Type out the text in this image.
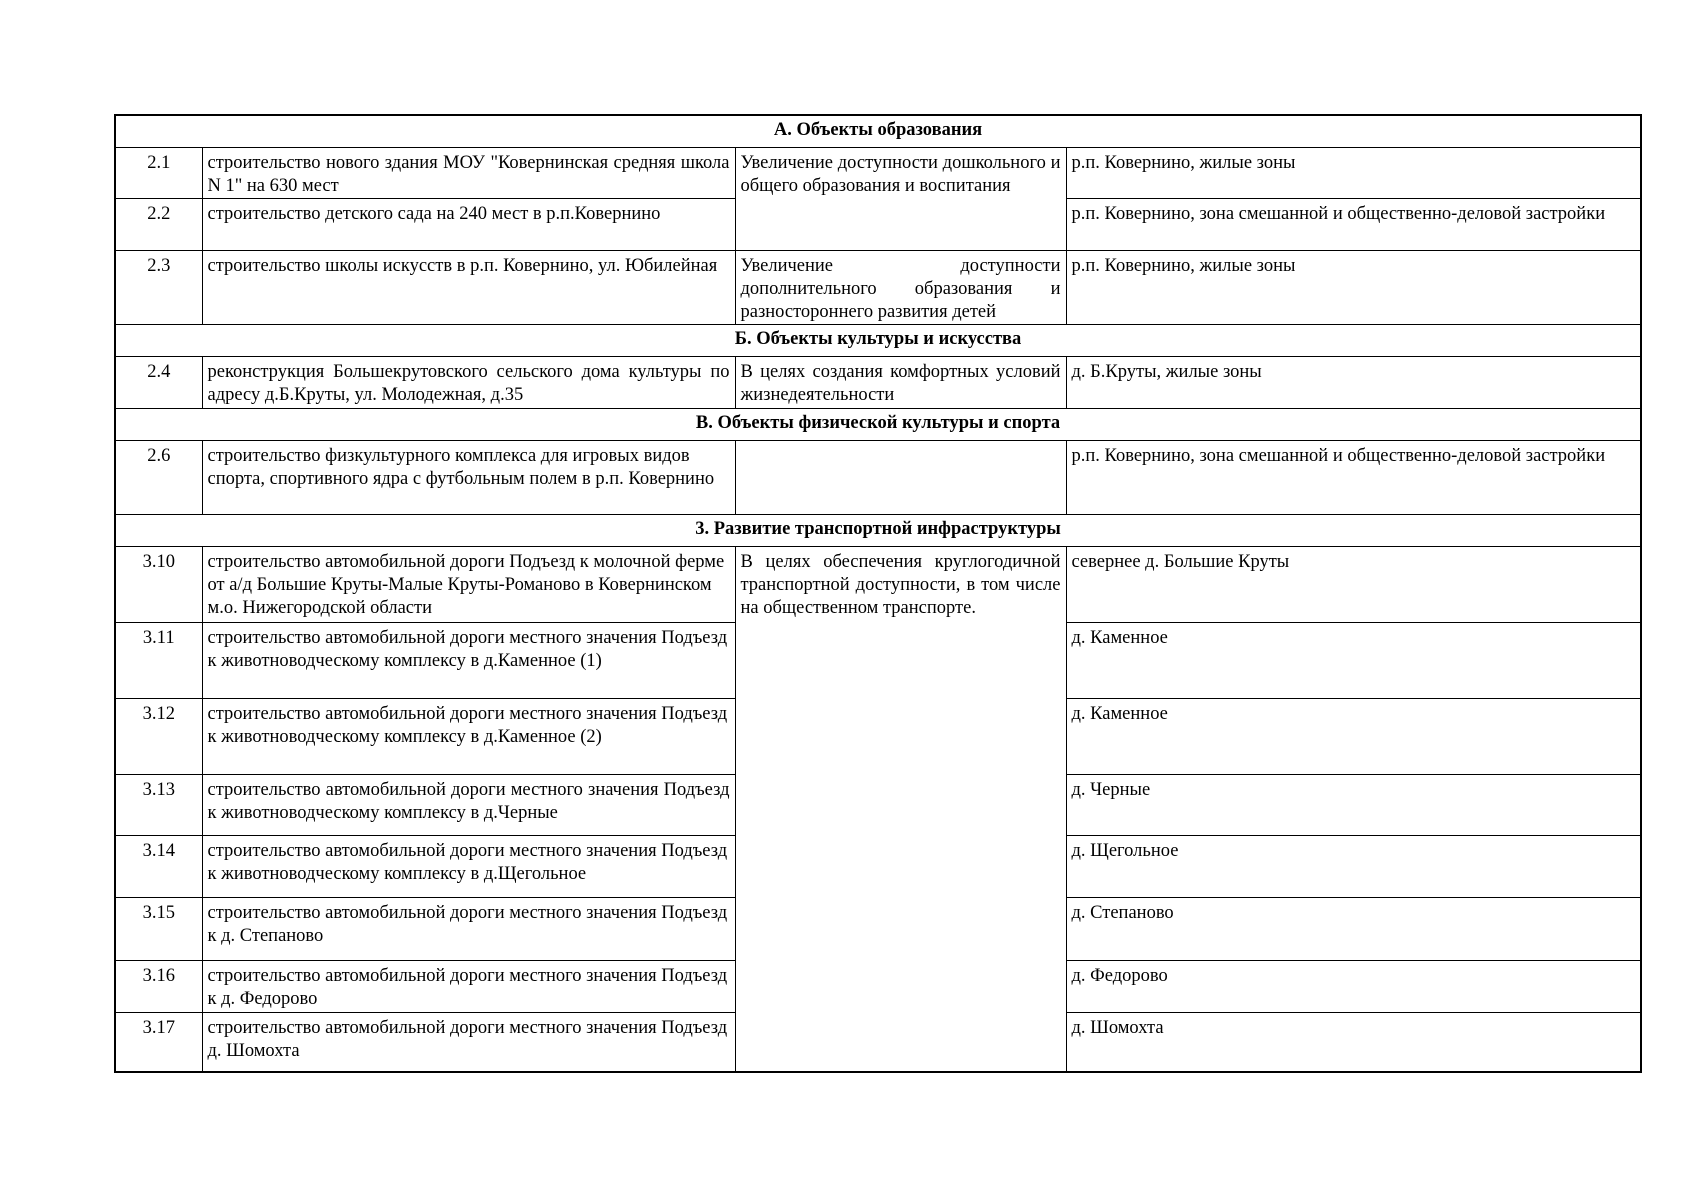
А. Объекты образования			
2.1	строительство нового здания МОУ "Ковернинская средняя школа N 1" на 630 мест	Увеличение доступности дошкольного и общего образования и воспитания	р.п. Ковернино, жилые зоны
2.2	строительство детского сада на 240 мест в р.п.Ковернино		р.п. Ковернино, зона смешанной и общественно-деловой застройки
2.3	строительство школы искусств в р.п. Ковернино, ул. Юбилейная	Увеличение доступности дополнительного образования и разностороннего развития детей	р.п. Ковернино, жилые зоны
Б. Объекты культуры и искусства			
2.4	реконструкция Большекрутовского сельского дома культуры по адресу д.Б.Круты, ул. Молодежная, д.35	В целях создания комфортных условий жизнедеятельности	д. Б.Круты, жилые зоны
В. Объекты физической культуры и спорта			
2.6	строительство физкультурного комплекса для игровых видов спорта, спортивного ядра с футбольным полем в р.п. Ковернино		р.п. Ковернино, зона смешанной и общественно-деловой застройки
3. Развитие транспортной инфраструктуры			
3.10	строительство автомобильной дороги Подъезд к молочной ферме от а/д Большие Круты-Малые Круты-Романово в Ковернинском м.о. Нижегородской области	В целях обеспечения круглогодичной транспортной доступности, в том числе на общественном транспорте.	севернее д. Большие Круты
3.11	строительство автомобильной дороги местного значения Подъезд к животноводческому комплексу в д.Каменное (1)		д. Каменное
3.12	строительство автомобильной дороги местного значения Подъезд к животноводческому комплексу в д.Каменное (2)		д. Каменное
3.13	строительство автомобильной дороги местного значения Подъезд к животноводческому комплексу в д.Черные		д. Черные
3.14	строительство автомобильной дороги местного значения Подъезд к животноводческому комплексу в д.Щегольное		д. Щегольное
3.15	строительство автомобильной дороги местного значения Подъезд к д. Степаново		д. Степаново
3.16	строительство автомобильной дороги местного значения Подъезд к д. Федорово		д. Федорово
3.17	строительство автомобильной дороги местного значения Подъезд д. Шомохта		д. Шомохта
